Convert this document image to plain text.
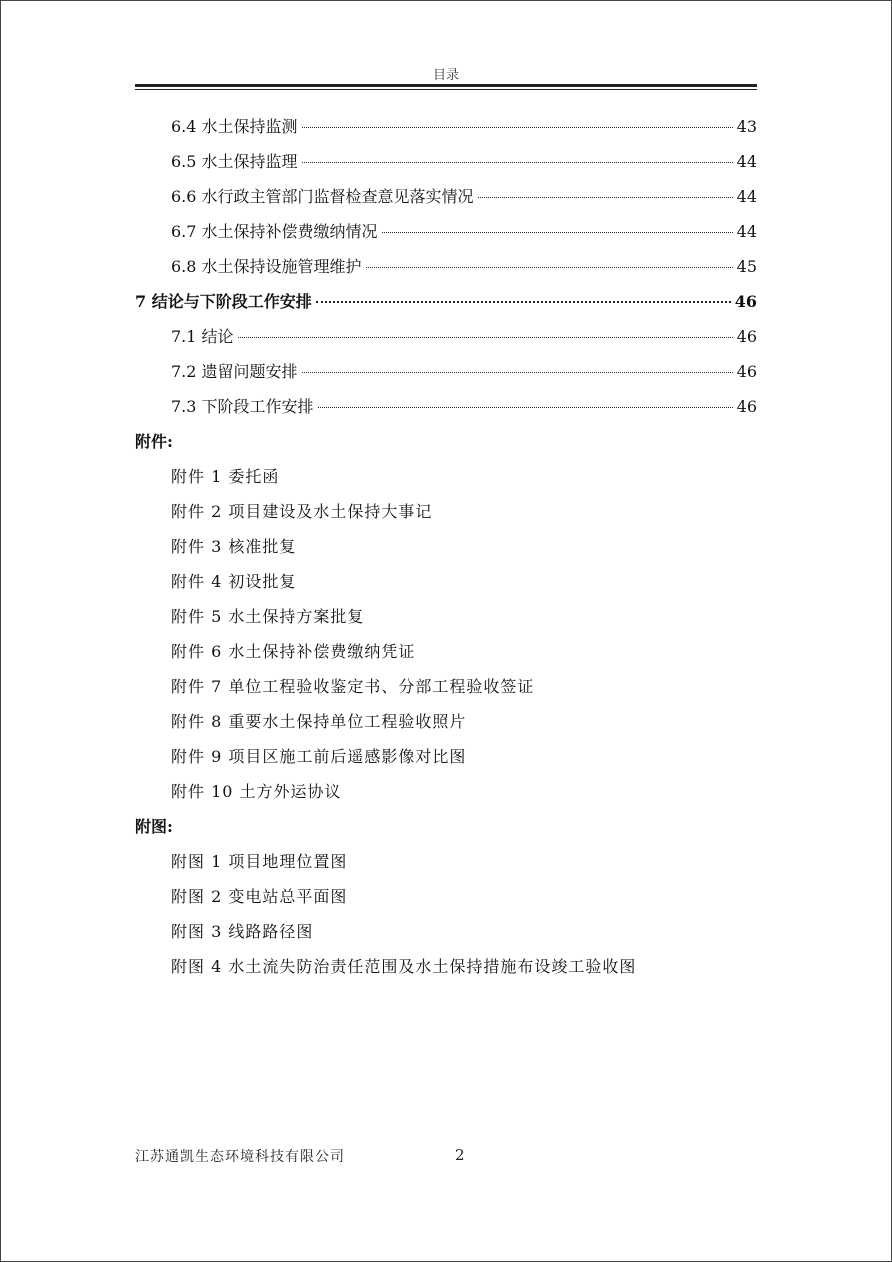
目录
6.4 水土保持监测	43
6.5 水土保持监理	44
6.6 水行政主管部门监督检查意见落实情况	44
6.7 水土保持补偿费缴纳情况	44
6.8 水土保持设施管理维护	45
7 结论与下阶段工作安排	46
7.1 结论	46
7.2 遗留问题安排	46
7.3 下阶段工作安排	46
附件:
附件 1 委托函
附件 2 项目建设及水土保持大事记
附件 3 核准批复
附件 4 初设批复
附件 5 水土保持方案批复
附件 6 水土保持补偿费缴纳凭证
附件 7 单位工程验收鉴定书、分部工程验收签证
附件 8 重要水土保持单位工程验收照片
附件 9 项目区施工前后遥感影像对比图
附件 10 土方外运协议
附图:
附图 1 项目地理位置图
附图 2 变电站总平面图
附图 3 线路路径图
附图 4 水土流失防治责任范围及水土保持措施布设竣工验收图
江苏通凯生态环境科技有限公司	2
